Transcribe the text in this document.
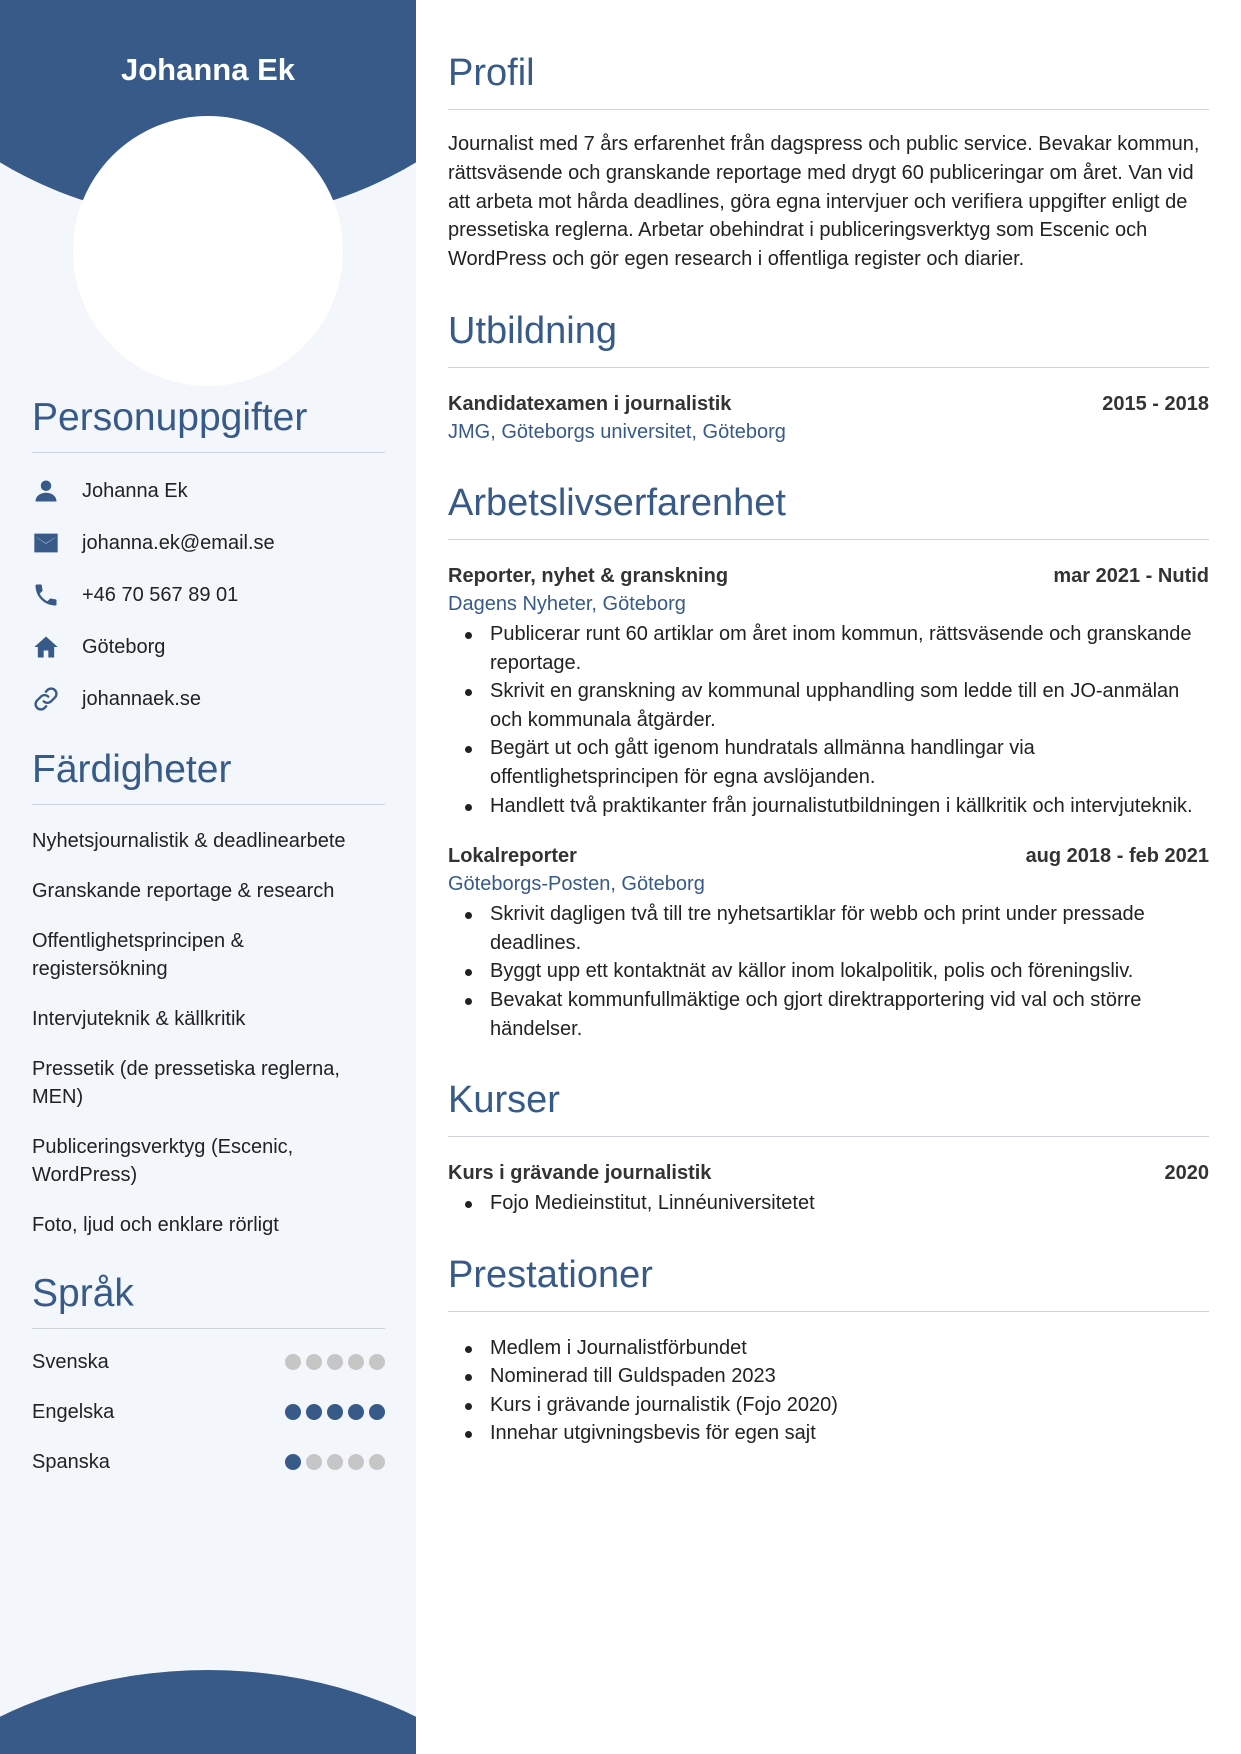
Johanna Ek
Personuppgifter
Johanna Ek
johanna.ek@email.se
+46 70 567 89 01
Göteborg
johannaek.se
Färdigheter
Nyhetsjournalistik & deadlinearbete
Granskande reportage & research
Offentlighetsprincipen & registersökning
Intervjuteknik & källkritik
Pressetik (de pressetiska reglerna, MEN)
Publiceringsverktyg (Escenic, WordPress)
Foto, ljud och enklare rörligt
Språk
Svenska
Engelska
Spanska
Profil

Journalist med 7 års erfarenhet från dagspress och public service. Bevakar kommun, rättsväsende och granskande reportage med drygt 60 publiceringar om året. Van vid att arbeta mot hårda deadlines, göra egna intervjuer och verifiera uppgifter enligt de pressetiska reglerna. Arbetar obehindrat i publiceringsverktyg som Escenic och WordPress och gör egen research i offentliga register och diarier.

Utbildning
Kandidatexamen i journalistik	2015 - 2018
JMG, Göteborgs universitet, Göteborg
Arbetslivserfarenhet
Reporter, nyhet & granskning	mar 2021 - Nutid
Dagens Nyheter, Göteborg
Publicerar runt 60 artiklar om året inom kommun, rättsväsende och granskande reportage.
Skrivit en granskning av kommunal upphandling som ledde till en JO-anmälan och kommunala åtgärder.
Begärt ut och gått igenom hundratals allmänna handlingar via offentlighetsprincipen för egna avslöjanden.
Handlett två praktikanter från journalistutbildningen i källkritik och intervjuteknik.
Lokalreporter	aug 2018 - feb 2021
Göteborgs-Posten, Göteborg
Skrivit dagligen två till tre nyhetsartiklar för webb och print under pressade deadlines.
Byggt upp ett kontaktnät av källor inom lokalpolitik, polis och föreningsliv.
Bevakat kommunfullmäktige och gjort direktrapportering vid val och större händelser.
Kurser
Kurs i grävande journalistik	2020
Fojo Medieinstitut, Linnéuniversitetet
Prestationer
Medlem i Journalistförbundet
Nominerad till Guldspaden 2023
Kurs i grävande journalistik (Fojo 2020)
Innehar utgivningsbevis för egen sajt
